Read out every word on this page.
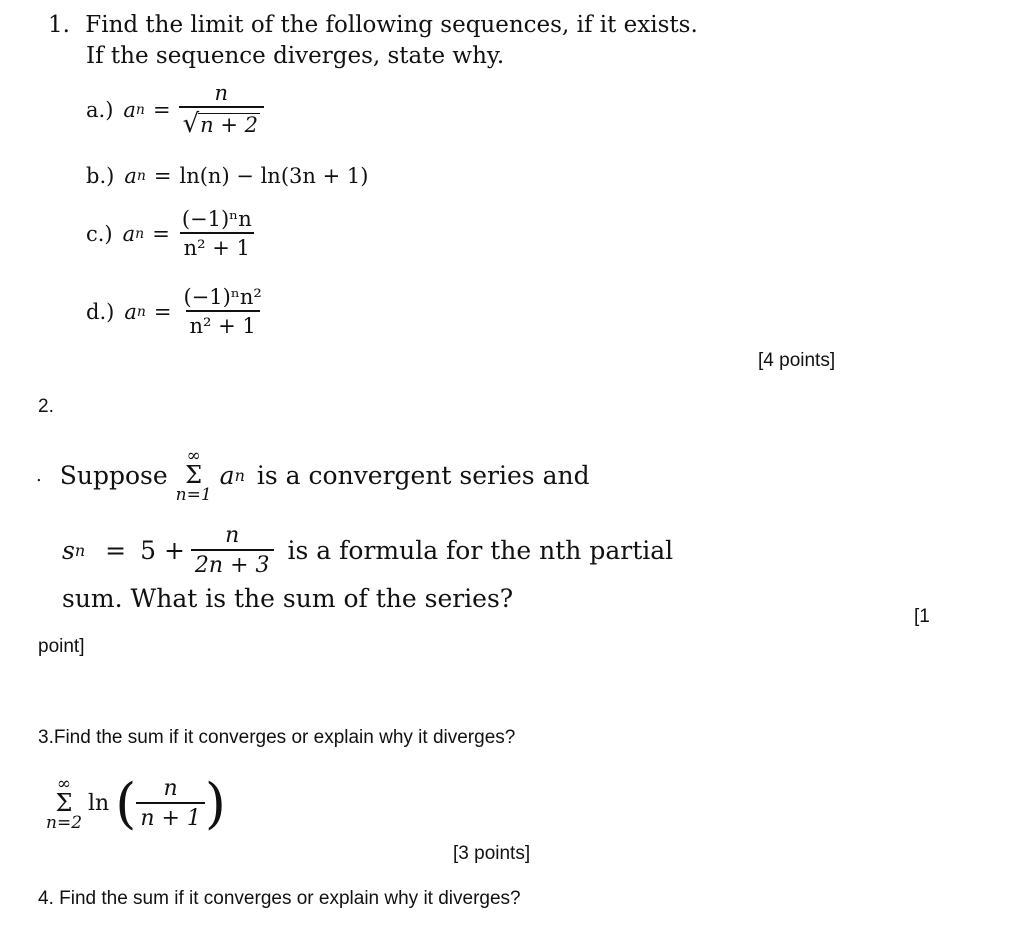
1. Find the limit of the following sequences, if it exists.
If the sequence diverges, state why.
a.) a $n = \frac{n}{√ n + 2}$
b.) a n = ln(n) − ln(3n + 1)
c.) a $n = \frac{\text{(−1)ⁿn}}{\text{n² + 1}}$
d.) a $n = \frac{\text{(−1)ⁿn²}}{\text{n² + 1}}$
[4 points]
2.
. Suppose
∞
Σ
n=1
a n is a convergent series and
s $n = 5 + \frac{n}{2n + 3}$ is a formula for the nth partial
sum. What is the sum of the series?
[1
point]
3.Find the sum if it converges or explain why it diverges?
∞
Σ
n=2
ln ( $\frac{n}{n + 1}$ )
[3 points]
4. Find the sum if it converges or explain why it diverges?
